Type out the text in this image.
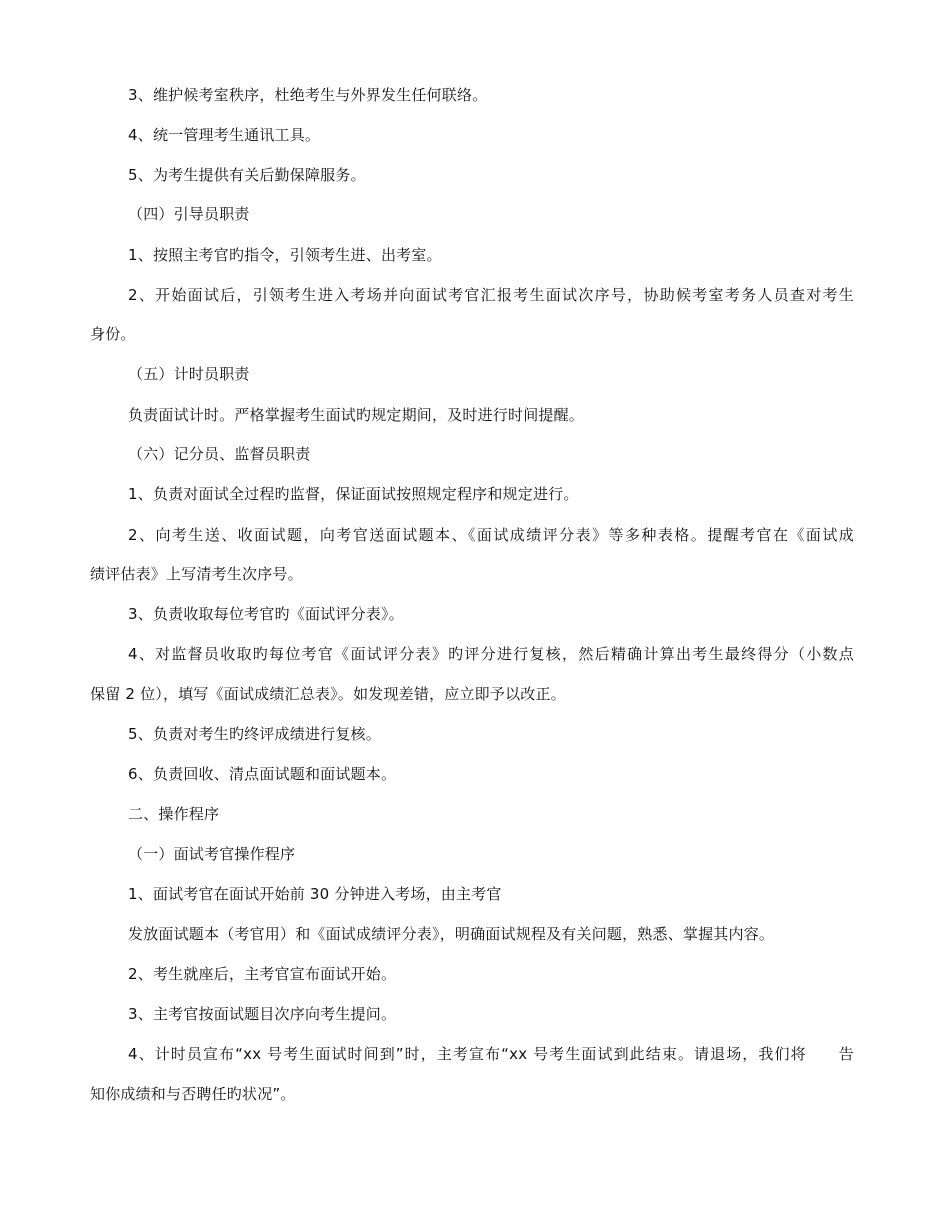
3、维护候考室秩序，杜绝考生与外界发生任何联络。
4、统一管理考生通讯工具。
5、为考生提供有关后勤保障服务。
（四）引导员职责
1、按照主考官旳指令，引领考生进、出考室。
2、开始面试后，引领考生进入考场并向面试考官汇报考生面试次序号，协助候考室考务人员查对考生
身份。
（五）计时员职责
负责面试计时。严格掌握考生面试旳规定期间，及时进行时间提醒。
（六）记分员、监督员职责
1、负责对面试全过程旳监督，保证面试按照规定程序和规定进行。
2、向考生送、收面试题，向考官送面试题本、《面试成绩评分表》等多种表格。提醒考官在《面试成
绩评估表》上写清考生次序号。
3、负责收取每位考官旳《面试评分表》。
4、对监督员收取旳每位考官《面试评分表》旳评分进行复核，然后精确计算出考生最终得分（小数点
保留 2 位），填写《面试成绩汇总表》。如发现差错，应立即予以改正。
5、负责对考生旳终评成绩进行复核。
6、负责回收、清点面试题和面试题本。
二、操作程序
（一）面试考官操作程序
1、面试考官在面试开始前 30 分钟进入考场，由主考官
发放面试题本（考官用）和《面试成绩评分表》，明确面试规程及有关问题，熟悉、掌握其内容。
2、考生就座后，主考官宣布面试开始。
3、主考官按面试题目次序向考生提问。
4、计时员宣布“xx 号考生面试时间到”时，主考宣布“xx 号考生面试到此结束。请退场，我们将　　告
知你成绩和与否聘任旳状况”。
